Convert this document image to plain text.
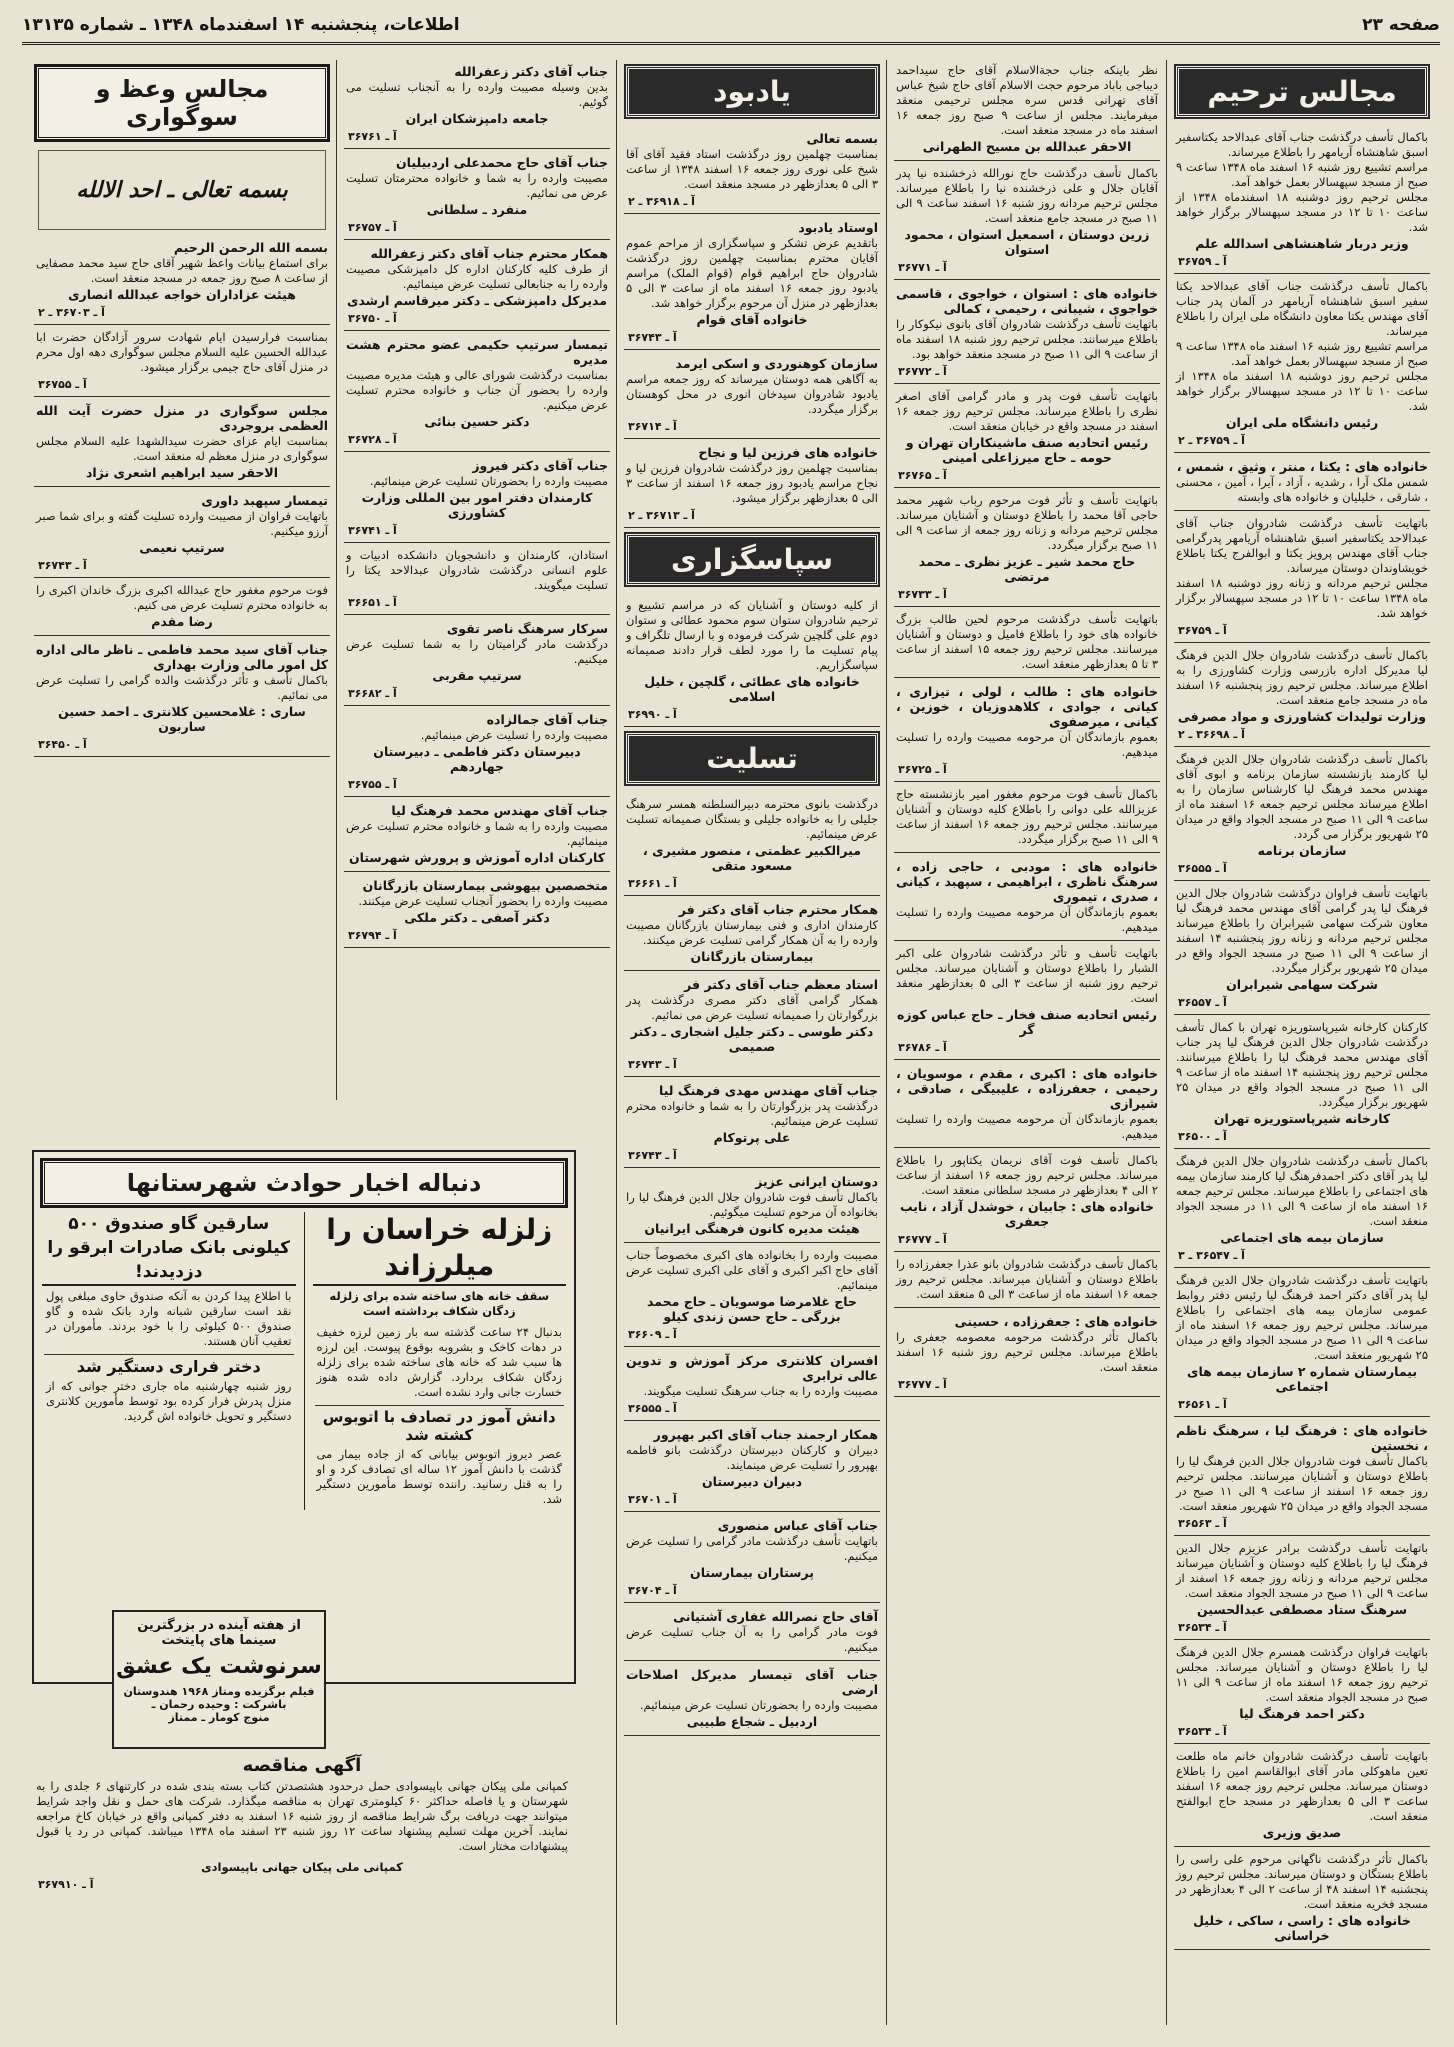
صفحه ۲۳
اطلاعات، پنجشنبه ۱۴ اسفندماه ۱۳۴۸ ـ شماره ۱۳۱۳۵
مجالس ترحیم
باکمال تأسف درگذشت جناب آقای عبدالاحد یکتاسفیر اسبق شاهنشاه آریامهر را باطلاع میرساند.
مراسم تشییع روز شنبه ۱۶ اسفند ماه ۱۳۴۸ ساعت ۹ صبح از مسجد سپهسالار بعمل خواهد آمد.
مجلس ترحیم روز دوشنبه ۱۸ اسفندماه ۱۳۴۸ از ساعت ۱۰ تا ۱۲ در مسجد سپهسالار برگزار خواهد شد.
وزیر دربار شاهنشاهی اسدالله علم
آ ـ ۳۶۷۵۹
باکمال تأسف درگذشت جناب آقای عبدالاحد یکتا سفیر اسبق شاهنشاه آریامهر در آلمان پدر جناب آقای مهندس یکتا معاون دانشگاه ملی ایران را باطلاع میرساند.
مراسم تشییع روز شنبه ۱۶ اسفند ماه ۱۳۴۸ ساعت ۹ صبح از مسجد سپهسالار بعمل خواهد آمد.
مجلس ترحیم روز دوشنبه ۱۸ اسفند ماه ۱۳۴۸ از ساعت ۱۰ تا ۱۲ در مسجد سپهسالار برگزار خواهد شد.
رئیس دانشگاه ملی ایران
آ ـ ۳۶۷۵۹ ـ ۲
خانواده های : یکتا ، منتر ، وثیق ، شمس ،
شمس ملک آرا ، رشدیه ، آزاد ، آیرا ، آمین ، محسنی ، شارقی ، خلیلیان و خانواده های وابسته
باتهایت تأسف درگذشت شادروان جناب آقای عبدالاحد یکتاسفیر اسبق شاهنشاه آریامهر پدرگرامی جناب آقای مهندس پرویز یکتا و ابوالفرج یکتا باطلاع خویشاوندان دوستان میرساند.
مجلس ترحیم مردانه و زنانه روز دوشنبه ۱۸ اسفند ماه ۱۳۴۸ ساعت ۱۰ تا ۱۲ در مسجد سپهسالار برگزار خواهد شد.
آ ـ ۳۶۷۵۹
باکمال تأسف درگذشت شادروان جلال الدین فرهنگ لیا مدیرکل اداره بازرسی وزارت کشاورزی را به اطلاع میرساند. مجلس ترحیم روز پنجشنبه ۱۶ اسفند ماه در مسجد جامع منعقد است.
وزارت تولیدات کشاورزی و مواد مصرفی
آ ـ ۳۶۶۹۸ ـ ۲
باکمال تأسف درگذشت شادروان جلال الدین فرهنگ لیا کارمند بازنشسته سازمان برنامه و ابوی آقای مهندس محمد فرهنگ لیا کارشناس سازمان را به اطلاع میرساند مجلس ترحیم جمعه ۱۶ اسفند ماه از ساعت ۹ الی ۱۱ صبح در مسجد الجواد واقع در میدان ۲۵ شهریور برگزار می گردد.
سازمان برنامه
آ ـ ۳۶۵۵۵
باتهایت تأسف فراوان درگذشت شادروان جلال الدین فرهنگ لیا پدر گرامی آقای مهندس محمد فرهنگ لیا معاون شرکت سهامی شیرابران را باطلاع میرساند مجلس ترحیم مردانه و زنانه روز پنجشنبه ۱۴ اسفند از ساعت ۹ الی ۱۱ صبح در مسجد الجواد واقع در میدان ۲۵ شهریور برگزار میگردد.
شرکت سهامی شیرابران
آ ـ ۳۶۵۵۷
کارکنان کارخانه شیرپاستوریزه تهران با کمال تأسف درگذشت شادروان جلال الدین فرهنگ لیا پدر جناب آقای مهندس محمد فرهنگ لیا را باطلاع میرسانند. مجلس ترحیم روز پنجشنبه ۱۴ اسفند ماه از ساعت ۹ الی ۱۱ صبح در مسجد الجواد واقع در میدان ۲۵ شهریور برگزار میگردد.
کارخانه شیرپاستوریزه تهران
آ ـ ۳۶۵۰۰
باکمال تأسف درگذشت شادروان جلال الدین فرهنگ لیا پدر آقای دکتر احمدفرهنگ لیا کارمند سازمان بیمه های اجتماعی را باطلاع میرساند. مجلس ترحیم جمعه ۱۶ اسفند ماه از ساعت ۹ الی ۱۱ در مسجد الجواد منعقد است.
سازمان بیمه های اجتماعی
آ ـ ۳۶۵۴۷ ـ ۳
باتهایت تأسف درگذشت شادروان جلال الدین فرهنگ لیا پدر آقای دکتر احمد فرهنگ لیا رئیس دفتر روابط عمومی سازمان بیمه های اجتماعی را باطلاع میرساند. مجلس ترحیم روز جمعه ۱۶ اسفند ماه از ساعت ۹ الی ۱۱ صبح در مسجد الجواد واقع در میدان ۲۵ شهریور منعقد است.
بیمارستان شماره ۲ سازمان بیمه های اجتماعی
آ ـ ۳۶۵۶۱
خانواده های : فرهنگ لیا ، سرهنگ ناظم ، نخستین
باکمال تأسف فوت شادروان جلال الدین فرهنگ لیا را باطلاع دوستان و آشنایان میرسانند. مجلس ترحیم روز جمعه ۱۶ اسفند از ساعت ۹ الی ۱۱ صبح در مسجد الجواد واقع در میدان ۲۵ شهریور منعقد است.
آ ـ ۳۶۵۶۳
باتهایت تأسف درگذشت برادر عزیزم جلال الدین فرهنگ لیا را باطلاع کلیه دوستان و آشنایان میرساند مجلس ترحیم مردانه و زنانه روز جمعه ۱۶ اسفند از ساعت ۹ الی ۱۱ صبح در مسجد الجواد منعقد است.
سرهنگ ستاد مصطفی عبدالحسین
آ ـ ۳۶۵۳۴
باتهایت فراوان درگذشت همسرم جلال الدین فرهنگ لیا را باطلاع دوستان و آشنایان میرساند. مجلس ترحیم روز جمعه ۱۶ اسفند ماه از ساعت ۹ الی ۱۱ صبح در مسجد الجواد منعقد است.
دکتر احمد فرهنگ لیا
آ ـ ۳۶۵۳۴
باتهایت تأسف درگذشت شادروان خانم ماه طلعت تعین ماهوکلی مادر آقای ابوالقاسم امین را باطلاع دوستان میرساند. مجلس ترحیم روز جمعه ۱۶ اسفند ساعت ۳ الی ۵ بعدازظهر در مسجد حاج ابوالفتح منعقد است.
صدیق وزیری
باکمال تأثر درگذشت ناگهانی مرحوم علی راسی را باطلاع بستگان و دوستان میرساند. مجلس ترحیم روز پنجشنبه ۱۴ اسفند ۴۸ از ساعت ۲ الی ۴ بعدازظهر در مسجد فخریه منعقد است.
خانواده های : راسی ، ساکی ، خلیل خراسانی
نظر باینکه جناب حجةالاسلام آقای حاج سیداحمد دیباجی باباد مرحوم حجت الاسلام آقای حاج شیخ عباس آقای تهرانی قدس سره مجلس ترحیمی منعقد میفرمایند. مجلس از ساعت ۹ صبح روز جمعه ۱۶ اسفند ماه در مسجد منعقد است.
الاحقر عبدالله بن مسیح الطهرانی
باکمال تأسف درگذشت حاج نورالله ذرخشنده نیا پدر آقایان جلال و علی ذرخشنده نیا را باطلاع میرساند. مجلس ترحیم مردانه روز شنبه ۱۶ اسفند ساعت ۹ الی ۱۱ صبح در مسجد جامع منعقد است.
زرین دوستان ، اسمعیل استوان ، محمود استوان
آ ـ ۳۶۷۷۱
خانواده های : استوان ، خواجوی ، قاسمی خواجوی ، شیبانی ، رحیمی ، کمالی
باتهایت تأسف درگذشت شادروان آقای بانوی نیکوکار را باطلاع میرسانند. مجلس ترحیم روز شنبه ۱۸ اسفند ماه از ساعت ۹ الی ۱۱ صبح در مسجد منعقد خواهد بود.
آ ـ ۳۶۷۷۲
باتهایت تأسف فوت پدر و مادر گرامی آقای اصغر نظری را باطلاع میرساند. مجلس ترحیم روز جمعه ۱۶ اسفند در مسجد واقع در خیابان منعقد است.
رئیس اتحادیه صنف ماشینکاران تهران و حومه ـ حاج میرزاعلی امینی
آ ـ ۳۶۷۶۵
باتهایت تأسف و تأثر فوت مرحوم رباب شهیر محمد حاجی آقا محمد را باطلاع دوستان و آشنایان میرساند. مجلس ترحیم مردانه و زنانه روز جمعه از ساعت ۹ الی ۱۱ صبح برگزار میگردد.
حاج محمد شیر ـ عزیز نظری ـ محمد مرتضی
آ ـ ۳۶۷۳۳
باتهایت تأسف درگذشت مرحوم لحین طالب بزرگ خانواده های خود را باطلاع فامیل و دوستان و آشنایان میرسانند. مجلس ترحیم روز جمعه ۱۵ اسفند از ساعت ۳ تا ۵ بعدازظهر منعقد است.
خانواده های : طالب ، لولی ، تیزاری ، کیانی ، جوادی ، کلاهدوزیان ، خوزین ، کیانی ، میرصفوی
بعموم بازماندگان آن مرحومه مصیبت وارده را تسلیت میدهیم.
آ ـ ۳۶۷۲۵
باکمال تأسف فوت مرحوم مغفور امیر بازنشسته حاج عزیزالله علی دوانی را باطلاع کلیه دوستان و آشنایان میرسانند. مجلس ترحیم روز جمعه ۱۶ اسفند از ساعت ۹ الی ۱۱ صبح برگزار میگردد.
خانواده های : مودبی ، حاجی زاده ، سرهنگ ناظری ، ابراهیمی ، سپهبد ، کیانی ، صدری ، تیموری
بعموم بازماندگان آن مرحومه مصیبت وارده را تسلیت میدهیم.
باتهایت تأسف و تأثر درگذشت شادروان علی اکبر الشبار را باطلاع دوستان و آشنایان میرساند. مجلس ترحیم روز شنبه از ساعت ۳ الی ۵ بعدازظهر منعقد است.
رئیس اتحادیه صنف فخار ـ حاج عباس کوزه گر
آ ـ ۳۶۷۸۶
خانواده های : اکبری ، مقدم ، موسویان ، رحیمی ، جعفرزاده ، علیبیگی ، صادقی ، شیرازی
بعموم بازماندگان آن مرحومه مصیبت وارده را تسلیت میدهیم.
باکمال تأسف فوت آقای نریمان یکتاپور را باطلاع میرساند. مجلس ترحیم روز جمعه ۱۶ اسفند از ساعت ۲ الی ۴ بعدازظهر در مسجد سلطانی منعقد است.
خانواده های : جابیان ، خوشدل آزاد ، نایب جعفری
آ ـ ۳۶۷۷۷
باکمال تأسف درگذشت شادروان بانو عذرا جعفرزاده را باطلاع دوستان و آشنایان میرساند. مجلس ترحیم روز جمعه ۱۶ اسفند ماه از ساعت ۳ الی ۵ منعقد است.
خانواده های : جعفرزاده ، حسینی
باکمال تأثر درگذشت مرحومه معصومه جعفری را باطلاع میرساند. مجلس ترحیم روز شنبه ۱۶ اسفند منعقد است.
آ ـ ۳۶۷۷۷
یادبود
بسمه تعالی
بمناسبت چهلمین روز درگذشت استاد فقید آقای آقا شیخ علی نوری روز جمعه ۱۶ اسفند ۱۳۴۸ از ساعت ۳ الی ۵ بعدازظهر در مسجد منعقد است.
آ ـ ۳۶۹۱۸ ـ ۲
اوستاد یادبود
باتقدیم عرض تشکر و سپاسگزاری از مراحم عموم آقایان محترم بمناسبت چهلمین روز درگذشت شادروان حاج ابراهیم قوام (قوام الملک) مراسم یادبود روز جمعه ۱۶ اسفند ماه از ساعت ۳ الی ۵ بعدازظهر در منزل آن مرحوم برگزار خواهد شد.
خانواده آقای قوام
آ ـ ۳۶۷۴۳
سازمان کوهنوردی و اسکی ایرمد
به آگاهی همه دوستان میرساند که روز جمعه مراسم یادبود شادروان سیدخان انوری در محل کوهستان برگزار میگردد.
آ ـ ۳۶۷۱۴
خانواده های فرزین لیا و نجاح
بمناسبت چهلمین روز درگذشت شادروان فرزین لیا و نجاح مراسم یادبود روز جمعه ۱۶ اسفند از ساعت ۳ الی ۵ بعدازظهر برگزار میشود.
آ ـ ۳۶۷۱۳ ـ ۲
سپاسگزاری
از کلیه دوستان و آشنایان که در مراسم تشییع و ترحیم شادروان ستوان سوم محمود عطائی و ستوان دوم علی گلچین شرکت فرموده و با ارسال تلگراف و پیام تسلیت ما را مورد لطف قرار دادند صمیمانه سپاسگزاریم.
خانواده های عطائی ، گلچین ، خلیل اسلامی
آ ـ ۳۶۹۹۰
تسلیت
درگذشت بانوی محترمه دبیرالسلطنه همسر سرهنگ جلیلی را به خانواده جلیلی و بستگان صمیمانه تسلیت عرض مینمائیم.
میرالکبیر عظمتی ، منصور مشیری ، مسعود متقی
آ ـ ۳۶۶۶۱
همکار محترم جناب آقای دکتر فر
کارمندان اداری و فنی بیمارستان بازرگانان مصیبت وارده را به آن همکار گرامی تسلیت عرض میکنند.
بیمارستان بازرگانان
استاد معظم جناب آقای دکتر فر
همکار گرامی آقای دکتر مصری درگذشت پدر بزرگوارتان را صمیمانه تسلیت عرض می نمائیم.
دکتر طوسی ـ دکتر جلیل اشجاری ـ دکتر صمیمی
آ ـ ۳۶۷۴۳
جناب آقای مهندس مهدی فرهنگ لیا
درگذشت پدر بزرگوارتان را به شما و خانواده محترم تسلیت عرض مینمائیم.
علی پرتوکام
آ ـ ۳۶۷۴۳
دوستان ایرانی عزیز
باکمال تأسف فوت شادروان جلال الدین فرهنگ لیا را بخانواده آن مرحوم تسلیت میگوئیم.
هیئت مدیره کانون فرهنگی ایرانیان
مصیبت وارده را بخانواده های اکبری مخصوصاً جناب آقای حاج اکبر اکبری و آقای علی اکبری تسلیت عرض مینمائیم.
حاج غلامرضا موسویان ـ حاج محمد بزرگی ـ حاج حسن زندی کیلو
آ ـ ۳۶۶۰۹
افسران کلانتری مرکز آموزش و تدوین عالی ترابری
مصیبت وارده را به جناب سرهنگ تسلیت میگویند.
آ ـ ۳۶۵۵۵
همکار ارجمند جناب آقای اکبر بهپرور
دبیران و کارکنان دبیرستان درگذشت بانو فاطمه بهپرور را تسلیت عرض مینمایند.
دبیران دبیرستان
آ ـ ۳۶۷۰۱
جناب آقای عباس منصوری
باتهایت تأسف درگذشت مادر گرامی را تسلیت عرض میکنیم.
پرستاران بیمارستان
آ ـ ۳۶۷۰۴
آقای حاج نصرالله غفاری آشتیانی
فوت مادر گرامی را به آن جناب تسلیت عرض میکنیم.
جناب آقای تیمسار مدیرکل اصلاحات ارضی
مصیبت وارده را بحضورتان تسلیت عرض مینمائیم.
اردبیل ـ شجاع طبیبی
جناب آقای دکتر زعفرالله
بدین وسیله مصیبت وارده را به آنجناب تسلیت می گوئیم.
جامعه دامپزشکان ایران
آ ـ ۳۶۷۶۱
جناب آقای حاج محمدعلی اردبیلیان
مصیبت وارده را به شما و خانواده محترمتان تسلیت عرض می نمائیم.
منفرد ـ سلطانی
آ ـ ۳۶۷۵۷
همکار محترم جناب آقای دکتر زعفرالله
از طرف کلیه کارکنان اداره کل دامپزشکی مصیبت وارده را به جنابعالی تسلیت عرض مینمائیم.
مدیرکل دامپزشکی ـ دکتر میرقاسم ارشدی
آ ـ ۳۶۷۵۰
تیمسار سرتیپ حکیمی عضو محترم هشت مدیره
بمناسبت درگذشت شورای عالی و هیئت مدیره مصیبت وارده را بحضور آن جناب و خانواده محترم تسلیت عرض میکنیم.
دکتر حسین بنائی
آ ـ ۳۶۷۲۸
جناب آقای دکتر فیروز
مصیبت وارده را بحضورتان تسلیت عرض مینمائیم.
کارمندان دفتر امور بین المللی وزارت کشاورزی
آ ـ ۳۶۷۴۱
استادان، کارمندان و دانشجویان دانشکده ادبیات و علوم انسانی درگذشت شادروان عبدالاحد یکتا را تسلیت میگویند.
آ ـ ۳۶۶۵۱
سرکار سرهنگ ناصر تقوی
درگذشت مادر گرامیتان را به شما تسلیت عرض میکنیم.
سرتیپ مقربی
آ ـ ۳۶۶۸۲
جناب آقای جمالزاده
مصیبت وارده را تسلیت عرض مینمائیم.
دبیرستان دکتر فاطمی ـ دبیرستان جهاردهم
آ ـ ۳۶۷۵۵
جناب آقای مهندس محمد فرهنگ لیا
مصیبت وارده را به شما و خانواده محترم تسلیت عرض مینمائیم.
کارکنان اداره آموزش و پرورش شهرستان
متخصصین بیهوشی بیمارستان بازرگانان
مصیبت وارده را بحضور آنجناب تسلیت عرض میکنند.
دکتر آصفی ـ دکتر ملکی
آ ـ ۳۶۷۹۴
مجالس وعظ و سوگواری
بسمه تعالی ـ احد الالله
بسمه الله الرحمن الرحیم
برای استماع بیانات واعظ شهیر آقای حاج سید محمد مصفایی از ساعت ۸ صبح روز جمعه در مسجد منعقد است.
هیئت عزاداران خواجه عبدالله انصاری
آ ـ ۳۶۷۰۳ ـ ۲
بمناسبت فرارسیدن ایام شهادت سرور آزادگان حضرت ابا عبدالله الحسین علیه السلام مجلس سوگواری دهه اول محرم در منزل آقای حاج جیمی برگزار میشود.
آ ـ ۳۶۷۵۵
مجلس سوگواری در منزل حضرت آیت الله العظمی بروجردی
بمناسبت ایام عزای حضرت سیدالشهدا علیه السلام مجلس سوگواری در منزل معظم له منعقد است.
الاحقر سید ابراهیم اشعری نژاد
تیمسار سپهبد داوری
باتهایت فراوان از مصیبت وارده تسلیت گفته و برای شما صبر آرزو میکنیم.
سرتیپ نعیمی
آ ـ ۳۶۷۴۳
فوت مرحوم مغفور حاج عبدالله اکبری بزرگ خاندان اکبری را به خانواده محترم تسلیت عرض می کنیم.
رضا مقدم
جناب آقای سید محمد فاطمی ـ ناظر مالی اداره کل امور مالی وزارت بهداری
باکمال تأسف و تأثر درگذشت والده گرامی را تسلیت عرض می نمائیم.
ساری : غلامحسین کلانتری ـ احمد حسین ساربون
آ ـ ۳۶۴۵۰
دنباله اخبار حوادث شهرستانها
زلزله خراسان را میلرزاند
سقف خانه های ساخته شده برای زلزله زدگان شکاف برداشته است
بدنبال ۲۴ ساعت گذشته سه بار زمین لرزه خفیف در دهات کاخک و بشروبه بوقوع پیوست. این لرزه ها سبب شد که خانه های ساخته شده برای زلزله زدگان شکاف بردارد. گزارش داده شده هنوز خسارت جانی وارد نشده است.
دانش آموز در تصادف با اتوبوس کشته شد
عصر دیروز اتوبوس بیابانی که از جاده بیمار می گذشت با دانش آموز ۱۲ ساله ای تصادف کرد و او را به قتل رسانید. راننده توسط مأمورین دستگیر شد.
سارقین گاو صندوق ۵۰۰ کیلونی بانک صادرات ابرقو را دزدیدند!
با اطلاع پیدا کردن به آنکه صندوق حاوی مبلغی پول نقد است سارقین شبانه وارد بانک شده و گاو صندوق ۵۰۰ کیلوئی را با خود بردند. مأموران در تعقیب آنان هستند.
دختر فراری دستگیر شد
روز شنبه چهارشنبه ماه جاری دختر جوانی که از منزل پدرش فرار کرده بود توسط مأمورین کلانتری دستگیر و تحویل خانواده اش گردید.
از هفته آینده در بزرگترین
سینما های پایتخت
سرنوشت یک عشق
فیلم برگزیده ومتاز ۱۹۶۸ هندوستان
باشرکت : وحیده رحمان ـ
منوج کومار ـ ممتاز
آگهی مناقصه
کمپانی ملی پیکان جهانی باپیسوادی حمل درحدود هشتصدتن کتاب بسته بندی شده در کارتنهای ۶ جلدی را به شهرستان و یا فاصله حداکثر ۶۰ کیلومتری تهران به مناقصه میگذارد. شرکت های حمل و نقل واجد شرایط میتوانند جهت دریافت برگ شرایط مناقصه از روز شنبه ۱۶ اسفند به دفتر کمپانی واقع در خیابان کاخ مراجعه نمایند. آخرین مهلت تسلیم پیشنهاد ساعت ۱۲ روز شنبه ۲۳ اسفند ماه ۱۳۴۸ میباشد. کمپانی در رد یا قبول پیشنهادات مختار است.
کمپانی ملی پیکان جهانی باپیسوادی
آ ـ ۳۶۷۹۱۰
